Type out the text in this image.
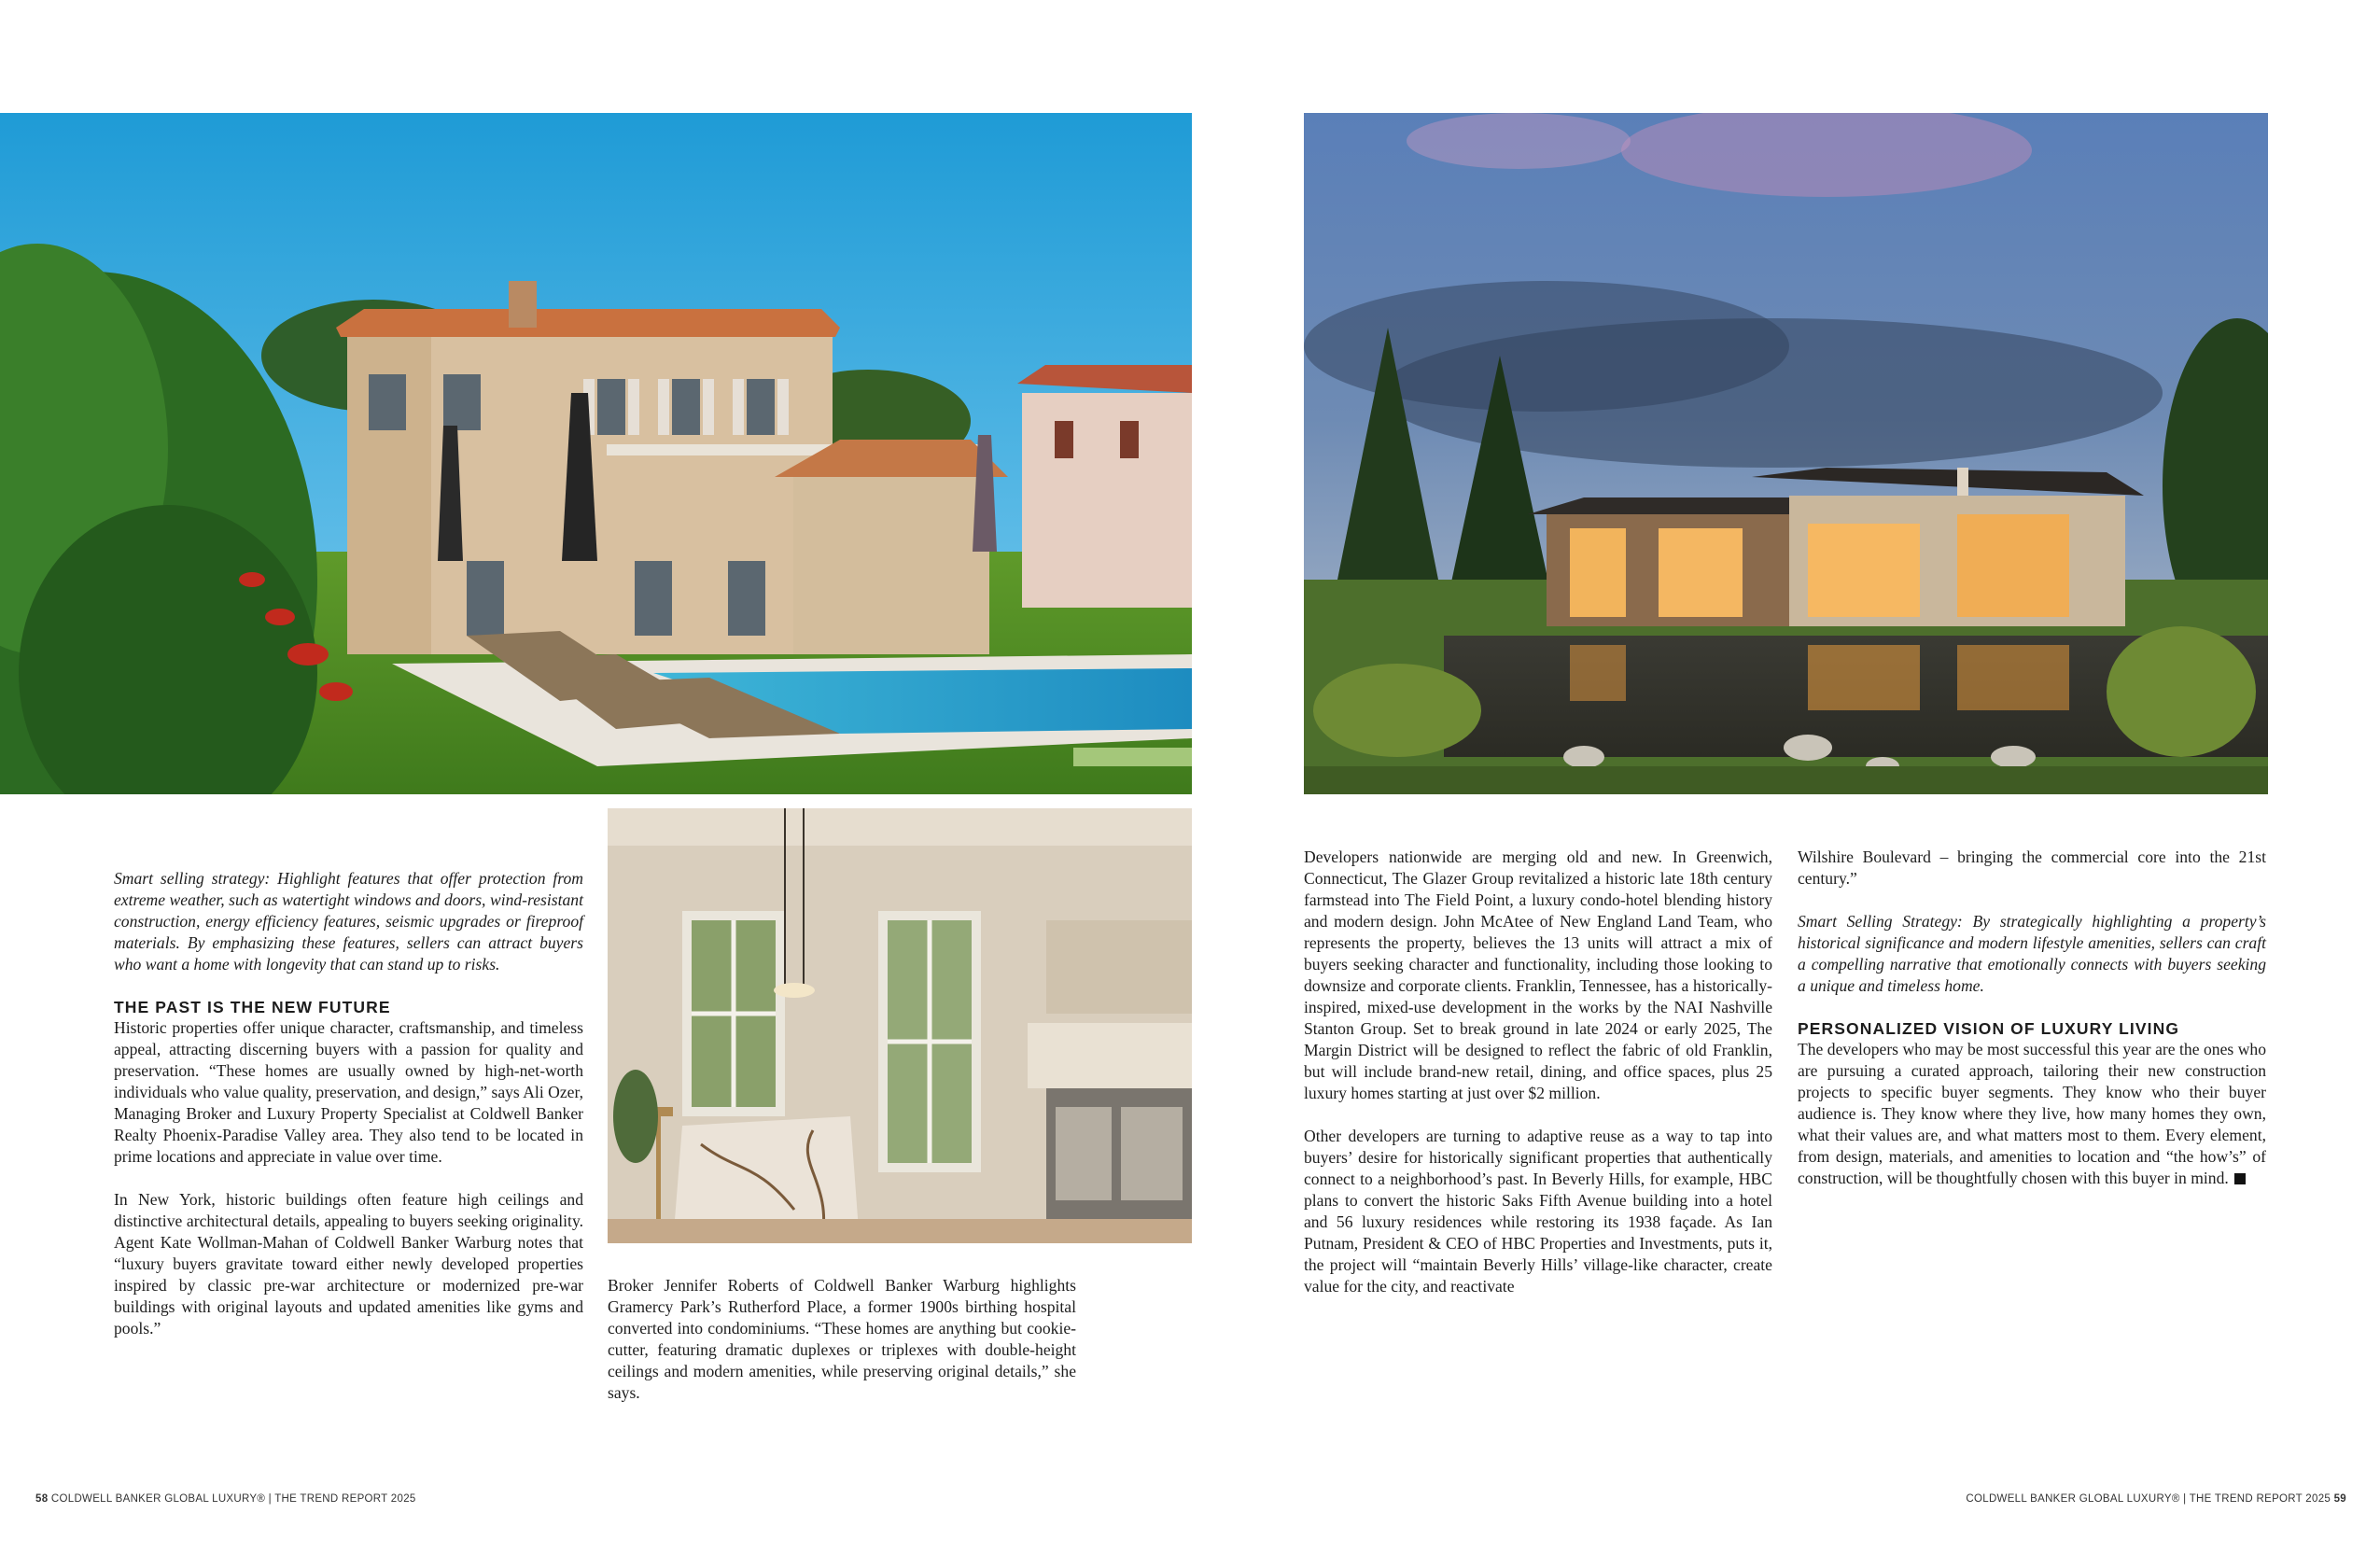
Smart selling strategy: Highlight features that offer protection from extreme weather, such as watertight windows and doors, wind-resistant construction, energy efficiency features, seismic upgrades or fireproof materials. By emphasizing these features, sellers can attract buyers who want a home with longevity that can stand up to risks.

THE PAST IS THE NEW FUTURE

Historic properties offer unique character, craftsmanship, and timeless appeal, attracting discerning buyers with a passion for quality and preservation. “These homes are usually owned by high-net-worth individuals who value quality, preservation, and design,” says Ali Ozer, Managing Broker and Luxury Property Specialist at Coldwell Banker Realty Phoenix-Paradise Valley area. They also tend to be located in prime locations and appreciate in value over time.

In New York, historic buildings often feature high ceilings and distinctive architectural details, appealing to buyers seeking originality. Agent Kate Wollman-Mahan of Coldwell Banker Warburg notes that “luxury buyers gravitate toward either newly developed properties inspired by classic pre-war architecture or modernized pre-war buildings with original layouts and updated amenities like gyms and pools.”

Broker Jennifer Roberts of Coldwell Banker Warburg highlights Gramercy Park’s Rutherford Place, a former 1900s birthing hospital converted into condominiums. “These homes are anything but cookie-cutter, featuring dramatic duplexes or triplexes with double-height ceilings and modern amenities, while preserving original details,” she says.

Developers nationwide are merging old and new. In Greenwich, Connecticut, The Glazer Group revitalized a historic late 18th century farmstead into The Field Point, a luxury condo-hotel blending history and modern design. John McAtee of New England Land Team, who represents the property, believes the 13 units will attract a mix of buyers seeking character and functionality, including those looking to downsize and corporate clients. Franklin, Tennessee, has a historically-inspired, mixed-use development in the works by the NAI Nashville Stanton Group. Set to break ground in late 2024 or early 2025, The Margin District will be designed to reflect the fabric of old Franklin, but will include brand-new retail, dining, and office spaces, plus 25 luxury homes starting at just over $2 million.

Other developers are turning to adaptive reuse as a way to tap into buyers’ desire for historically significant properties that authentically connect to a neighborhood’s past. In Beverly Hills, for example, HBC plans to convert the historic Saks Fifth Avenue building into a hotel and 56 luxury residences while restoring its 1938 façade. As Ian Putnam, President & CEO of HBC Properties and Investments, puts it, the project will “maintain Beverly Hills’ village-like character, create value for the city, and reactivate

Wilshire Boulevard – bringing the commercial core into the 21st century.”

Smart Selling Strategy: By strategically highlighting a property’s historical significance and modern lifestyle amenities, sellers can craft a compelling narrative that emotionally connects with buyers seeking a unique and timeless home.

PERSONALIZED VISION OF LUXURY LIVING

The developers who may be most successful this year are the ones who are pursuing a curated approach, tailoring their new construction projects to specific buyer segments. They know who their buyer audience is. They know where they live, how many homes they own, what their values are, and what matters most to them. Every element, from design, materials, and amenities to location and “the how’s” of construction, will be thoughtfully chosen with this buyer in mind.

58 COLDWELL BANKER GLOBAL LUXURY® | THE TREND REPORT 2025	COLDWELL BANKER GLOBAL LUXURY® | THE TREND REPORT 2025 59
